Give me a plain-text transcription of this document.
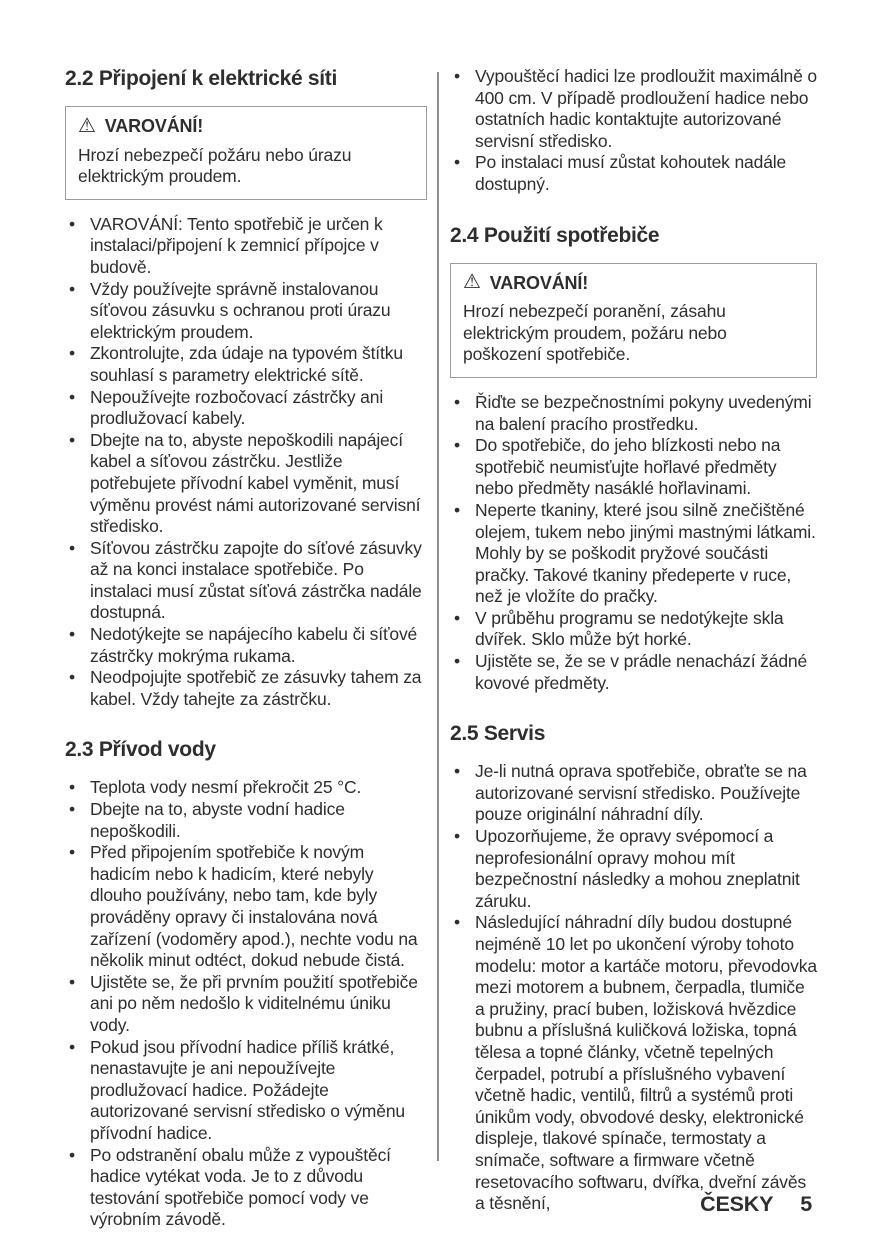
2.2 Připojení k elektrické síti
⚠ VAROVÁNÍ!
Hrozí nebezpečí požáru nebo úrazu elektrickým proudem.
• VAROVÁNÍ: Tento spotřebič je určen k instalaci/připojení k zemnicí přípojce v budově.
• Vždy používejte správně instalovanou síťovou zásuvku s ochranou proti úrazu elektrickým proudem.
• Zkontrolujte, zda údaje na typovém štítku souhlasí s parametry elektrické sítě.
• Nepoužívejte rozbočovací zástrčky ani prodlužovací kabely.
• Dbejte na to, abyste nepoškodili napájecí kabel a síťovou zástrčku. Jestliže potřebujete přívodní kabel vyměnit, musí výměnu provést námi autorizované servisní středisko.
• Síťovou zástrčku zapojte do síťové zásuvky až na konci instalace spotřebiče. Po instalaci musí zůstat síťová zástrčka nadále dostupná.
• Nedotýkejte se napájecího kabelu či síťové zástrčky mokrýma rukama.
• Neodpojujte spotřebič ze zásuvky tahem za kabel. Vždy tahejte za zástrčku.
2.3 Přívod vody
• Teplota vody nesmí překročit 25 °C.
• Dbejte na to, abyste vodní hadice nepoškodili.
• Před připojením spotřebiče k novým hadicím nebo k hadicím, které nebyly dlouho používány, nebo tam, kde byly prováděny opravy či instalována nová zařízení (vodoměry apod.), nechte vodu na několik minut odtéct, dokud nebude čistá.
• Ujistěte se, že při prvním použití spotřebiče ani po něm nedošlo k viditelnému úniku vody.
• Pokud jsou přívodní hadice příliš krátké, nenastavujte je ani nepoužívejte prodlužovací hadice. Požádejte autorizované servisní středisko o výměnu přívodní hadice.
• Po odstranění obalu může z vypouštěcí hadice vytékat voda. Je to z důvodu testování spotřebiče pomocí vody ve výrobním závodě.
• Vypouštěcí hadici lze prodloužit maximálně o 400 cm. V případě prodloužení hadice nebo ostatních hadic kontaktujte autorizované servisní středisko.
• Po instalaci musí zůstat kohoutek nadále dostupný.
2.4 Použití spotřebiče
⚠ VAROVÁNÍ!
Hrozí nebezpečí poranění, zásahu elektrickým proudem, požáru nebo poškození spotřebiče.
• Řiďte se bezpečnostními pokyny uvedenými na balení pracího prostředku.
• Do spotřebiče, do jeho blízkosti nebo na spotřebič neumisťujte hořlavé předměty nebo předměty nasáklé hořlavinami.
• Neperte tkaniny, které jsou silně znečištěné olejem, tukem nebo jinými mastnými látkami. Mohly by se poškodit pryžové součásti pračky. Takové tkaniny předeperte v ruce, než je vložíte do pračky.
• V průběhu programu se nedotýkejte skla dvířek. Sklo může být horké.
• Ujistěte se, že se v prádle nenachází žádné kovové předměty.
2.5 Servis
• Je-li nutná oprava spotřebiče, obraťte se na autorizované servisní středisko. Používejte pouze originální náhradní díly.
• Upozorňujeme, že opravy svépomocí a neprofesionální opravy mohou mít bezpečnostní následky a mohou zneplatnit záruku.
• Následující náhradní díly budou dostupné nejméně 10 let po ukončení výroby tohoto modelu: motor a kartáče motoru, převodovka mezi motorem a bubnem, čerpadla, tlumiče a pružiny, prací buben, ložisková hvězdice bubnu a příslušná kuličková ložiska, topná tělesa a topné články, včetně tepelných čerpadel, potrubí a příslušného vybavení včetně hadic, ventilů, filtrů a systémů proti únikům vody, obvodové desky, elektronické displeje, tlakové spínače, termostaty a snímače, software a firmware včetně resetovacího softwaru, dvířka, dveřní závěs a těsnění,	ČESKY 5
